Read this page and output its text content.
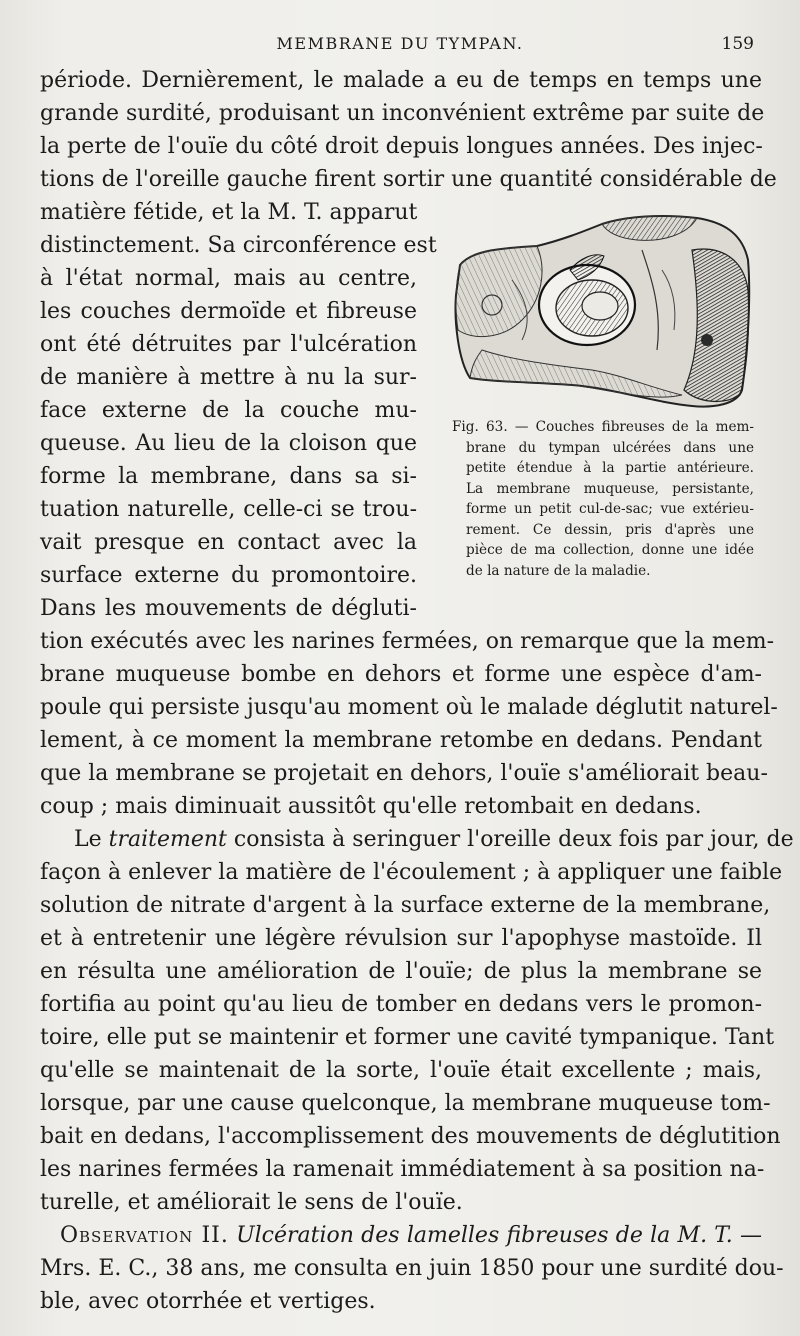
MEMBRANE DU TYMPAN.	159
période. Dernièrement, le malade a eu de temps en temps une
grande surdité, produisant un inconvénient extrême par suite de
la perte de l'ouïe du côté droit depuis longues années. Des injec-
tions de l'oreille gauche firent sortir une quantité considérable de
matière fétide, et la M. T. apparut
distinctement. Sa circonférence est
à l'état normal, mais au centre,
les couches dermoïde et fibreuse
ont été détruites par l'ulcération
de manière à mettre à nu la sur-
face externe de la couche mu-
queuse. Au lieu de la cloison que
forme la membrane, dans sa si-
tuation naturelle, celle-ci se trou-
vait presque en contact avec la
surface externe du promontoire.
Dans les mouvements de dégluti-
tion exécutés avec les narines fermées, on remarque que la mem-
brane muqueuse bombe en dehors et forme une espèce d'am-
poule qui persiste jusqu'au moment où le malade déglutit naturel-
lement, à ce moment la membrane retombe en dedans. Pendant
que la membrane se projetait en dehors, l'ouïe s'améliorait beau-
coup ; mais diminuait aussitôt qu'elle retombait en dedans.
Le traitement consista à seringuer l'oreille deux fois par jour, de
façon à enlever la matière de l'écoulement ; à appliquer une faible
solution de nitrate d'argent à la surface externe de la membrane,
et à entretenir une légère révulsion sur l'apophyse mastoïde. Il
en résulta une amélioration de l'ouïe; de plus la membrane se
fortifia au point qu'au lieu de tomber en dedans vers le promon-
toire, elle put se maintenir et former une cavité tympanique. Tant
qu'elle se maintenait de la sorte, l'ouïe était excellente ; mais,
lorsque, par une cause quelconque, la membrane muqueuse tom-
bait en dedans, l'accomplissement des mouvements de déglutition
les narines fermées la ramenait immédiatement à sa position na-
turelle, et améliorait le sens de l'ouïe.
Observation II. Ulcération des lamelles fibreuses de la M. T. —
Mrs. E. C., 38 ans, me consulta en juin 1850 pour une surdité dou-
ble, avec otorrhée et vertiges.
Fig. 63. — Couches fibreuses de la mem-
brane du tympan ulcérées dans une
petite étendue à la partie antérieure.
La membrane muqueuse, persistante,
forme un petit cul-de-sac; vue extérieu-
rement. Ce dessin, pris d'après une
pièce de ma collection, donne une idée
de la nature de la maladie.
